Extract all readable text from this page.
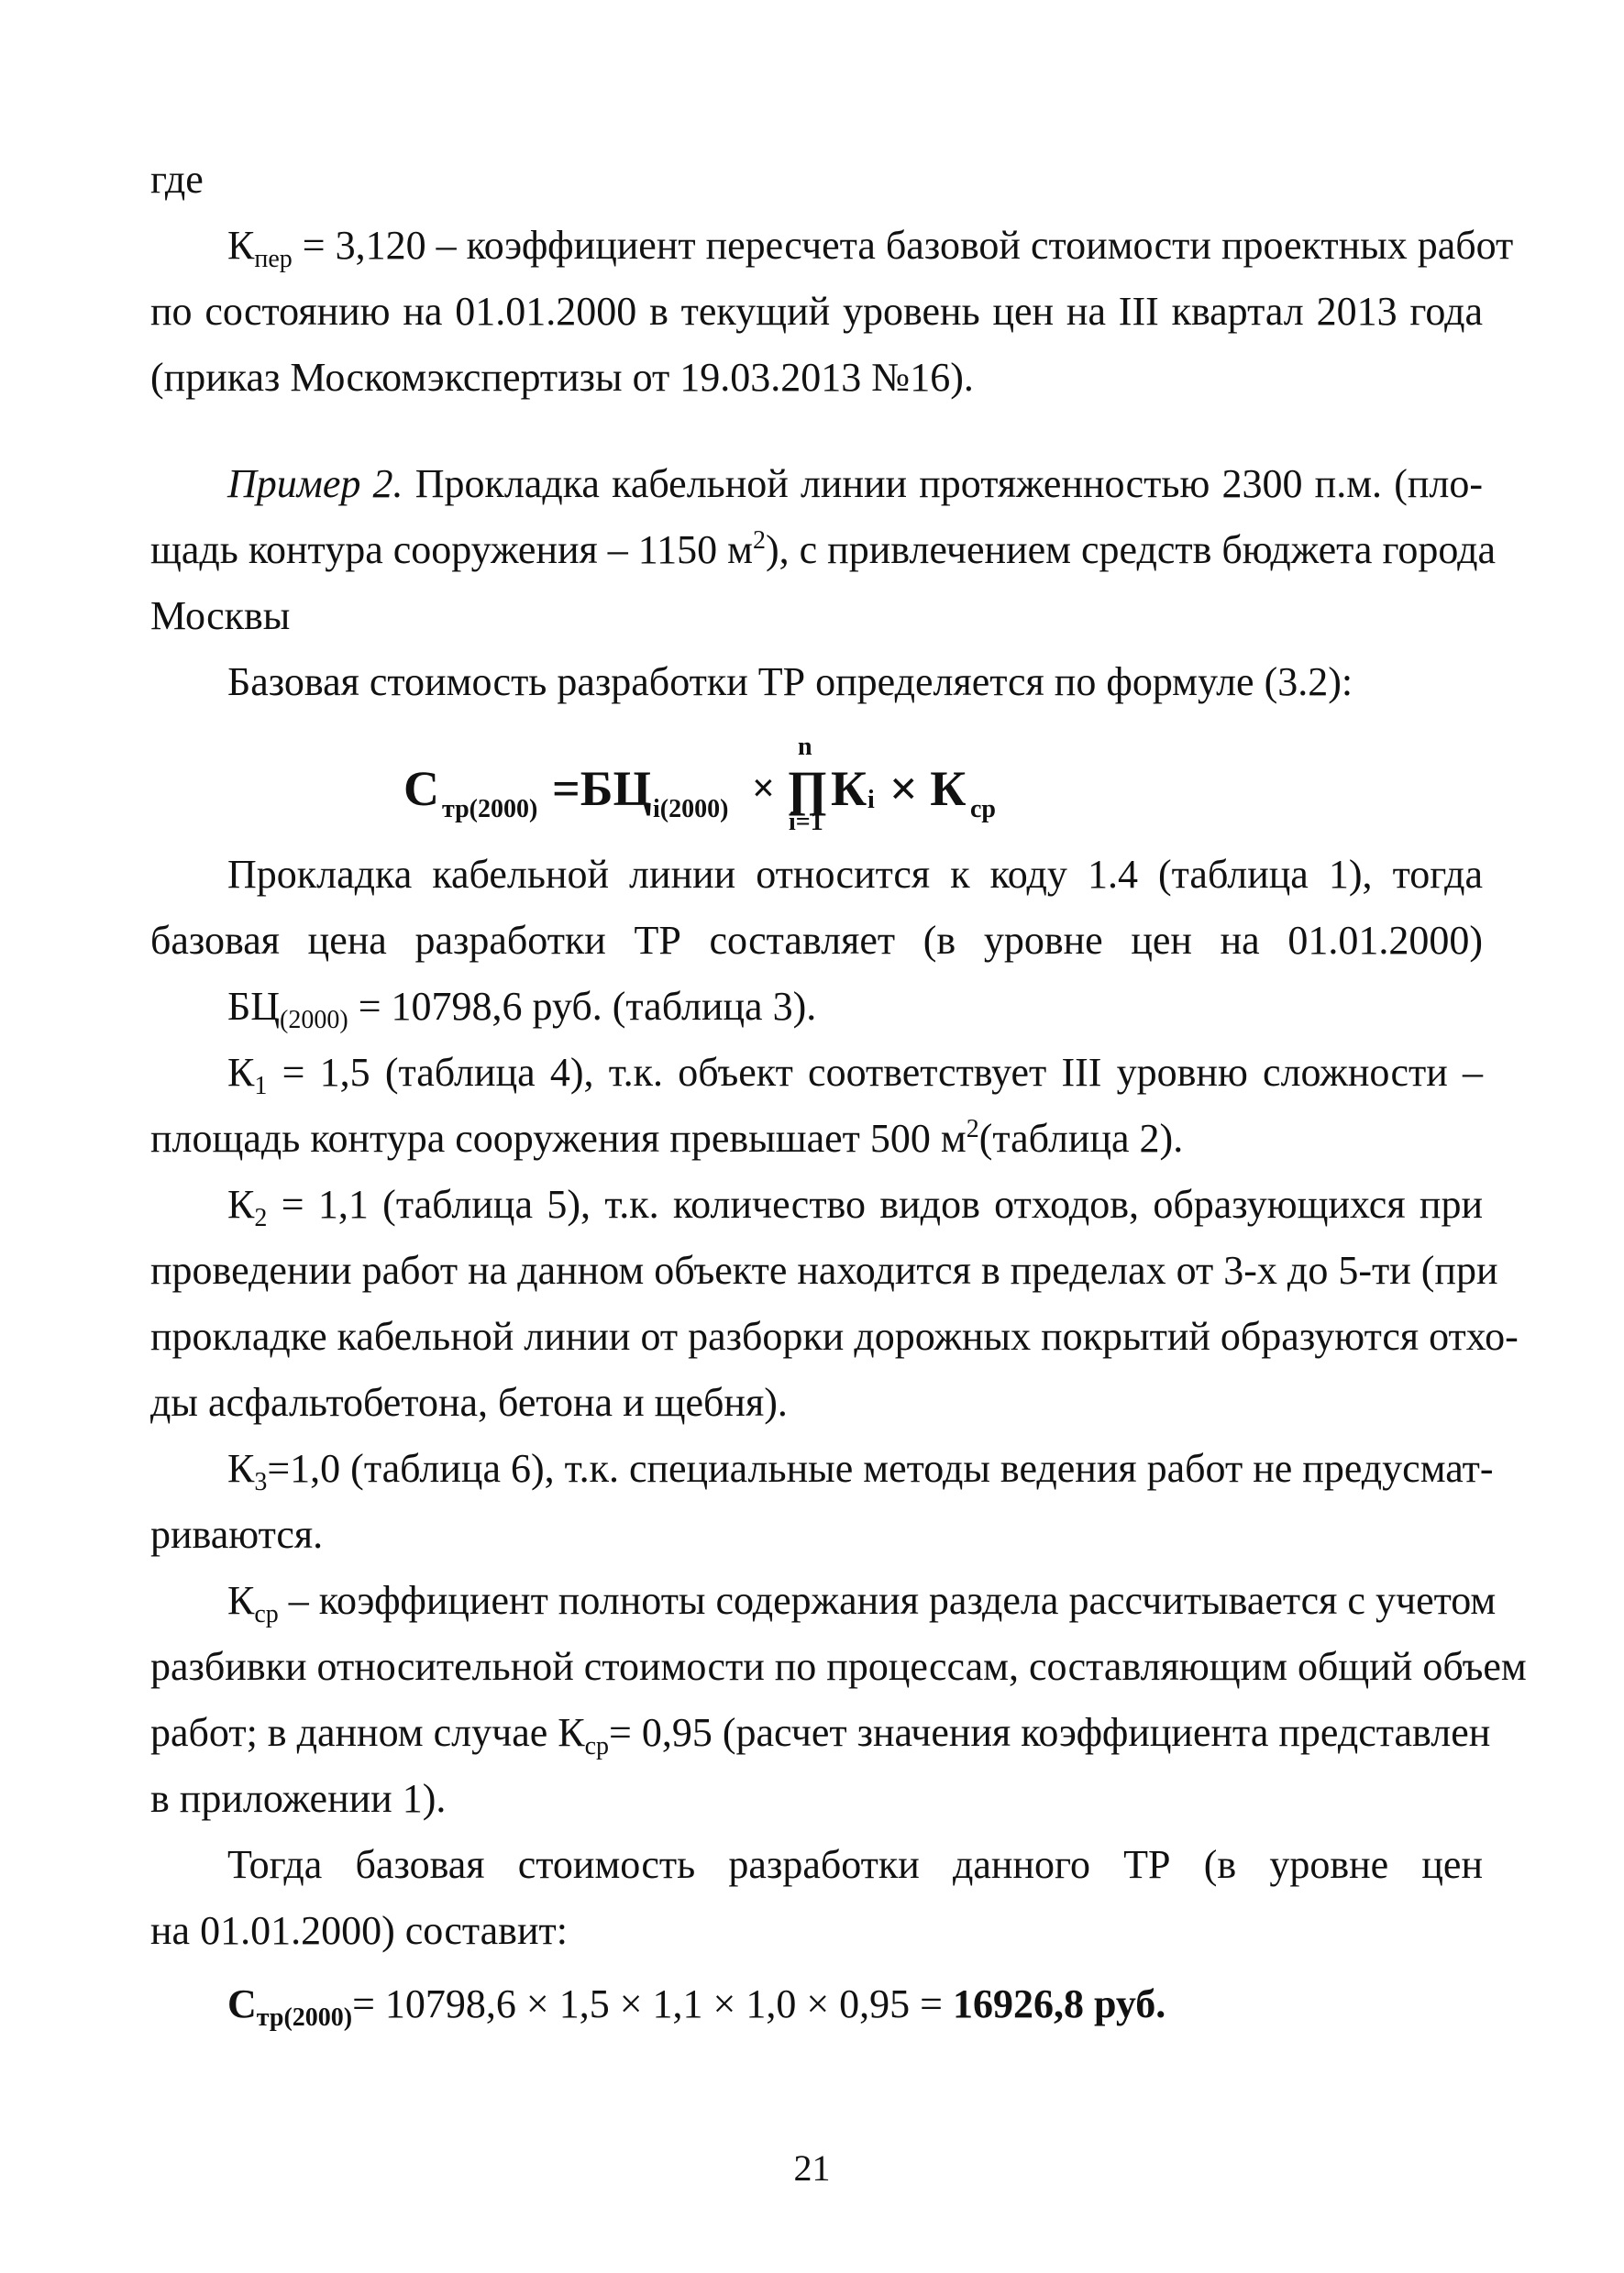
где
$К_{пер} = 3,120$ – коэффициент пересчета базовой стоимости проектных работ
по состоянию на 01.01.2000 в текущий уровень цен на III квартал 2013 года
(приказ Москомэкспертизы от 19.03.2013 №16).
Пример 2. Прокладка кабельной линии протяженностью 2300 п.м. (пло-
щадь контура сооружения – 1150 $м^2$), с привлечением средств бюджета города
Москвы
Базовая стоимость разработки ТР определяется по формуле (3.2):
С тр(2000) =БЦ i(2000) ×
n
∏
i=1
К i × К ср
Прокладка кабельной линии относится к коду 1.4 (таблица 1), тогда
базовая цена разработки ТР составляет (в уровне цен на 01.01.2000)
$БЦ_{(2000)} = 10798,6$ руб. (таблица 3).
$К_1 = 1,5$ (таблица 4), т.к. объект соответствует III уровню сложности –
площадь контура сооружения превышает 500 $м^2(таблица$ 2).
$К_2 = 1,1$ (таблица 5), т.к. количество видов отходов, образующихся при
проведении работ на данном объекте находится в пределах от 3-х до 5-ти (при
прокладке кабельной линии от разборки дорожных покрытий образуются отхо-
ды асфальтобетона, бетона и щебня).
$К_3=1,0$ (таблица 6), т.к. специальные методы ведения работ не предусмат-
риваются.
$К_{ср}$ – коэффициент полноты содержания раздела рассчитывается с учетом
разбивки относительной стоимости по процессам, составляющим общий объем
работ; в данном случае $К_{ср}= 0,95$ (расчет значения коэффициента представлен
в приложении 1).
Тогда базовая стоимость разработки данного ТР (в уровне цен
на 01.01.2000) составит:
$С_{тр(2000)}= 10798,6 \times 1,5 \times 1,1 \times 1,0 \times 0,95 = 16926,8$ руб.
21
